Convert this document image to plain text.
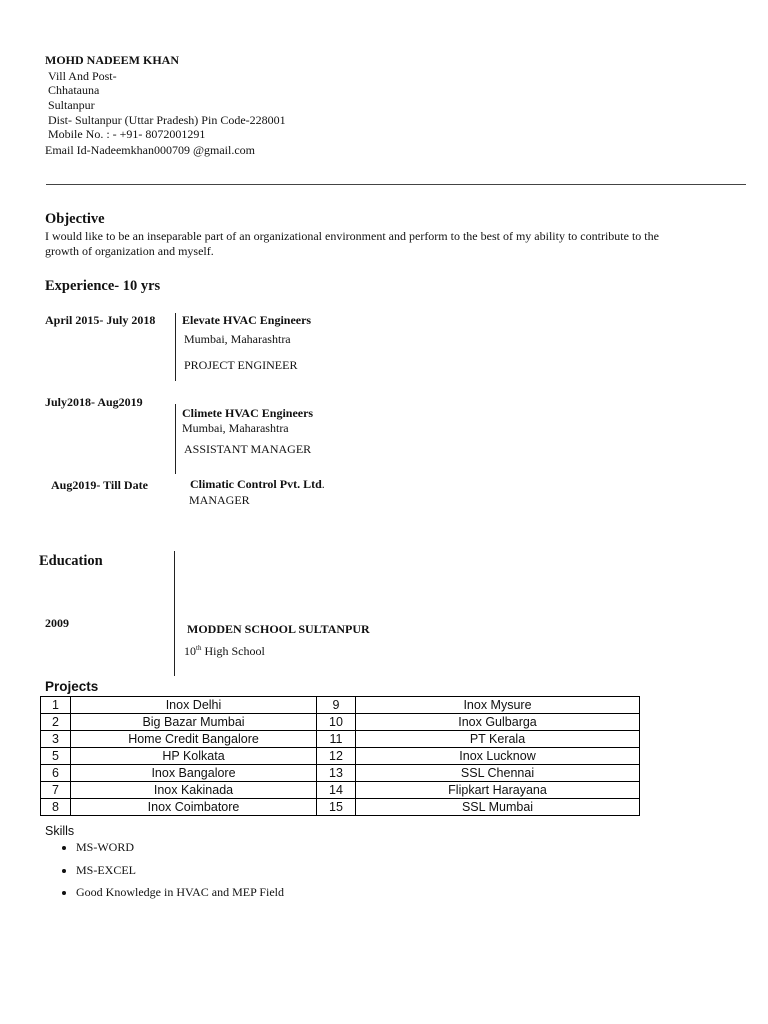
MOHD NADEEM KHAN
Vill And Post-
Chhatauna
Sultanpur
Dist- Sultanpur (Uttar Pradesh) Pin Code-228001
Mobile No. : - +91- 8072001291
Email Id-Nadeemkhan000709 @gmail.com
Objective
I would like to be an inseparable part of an organizational environment and perform to the best of my ability to contribute to the
growth of organization and myself.
Experience- 10 yrs
April 2015- July 2018 Elevate HVAC Engineers
Mumbai, Maharashtra
PROJECT ENGINEER
July2018- Aug2019
Climete HVAC Engineers
Mumbai, Maharashtra
ASSISTANT MANAGER
Aug2019- Till Date	Climatic Control Pvt. Ltd.
MANAGER
Education
2009	MODDEN SCHOOL SULTANPUR
10th High School
Projects
1	Inox Delhi	9	Inox Mysure
2	Big Bazar Mumbai	10	Inox Gulbarga
3	Home Credit Bangalore	11	PT Kerala
5	HP Kolkata	12	Inox Lucknow
6	Inox Bangalore	13	SSL Chennai
7	Inox Kakinada	14	Flipkart Harayana
8	Inox Coimbatore	15	SSL Mumbai
Skills
• MS-WORD
• MS-EXCEL
• Good Knowledge in HVAC and MEP Field
